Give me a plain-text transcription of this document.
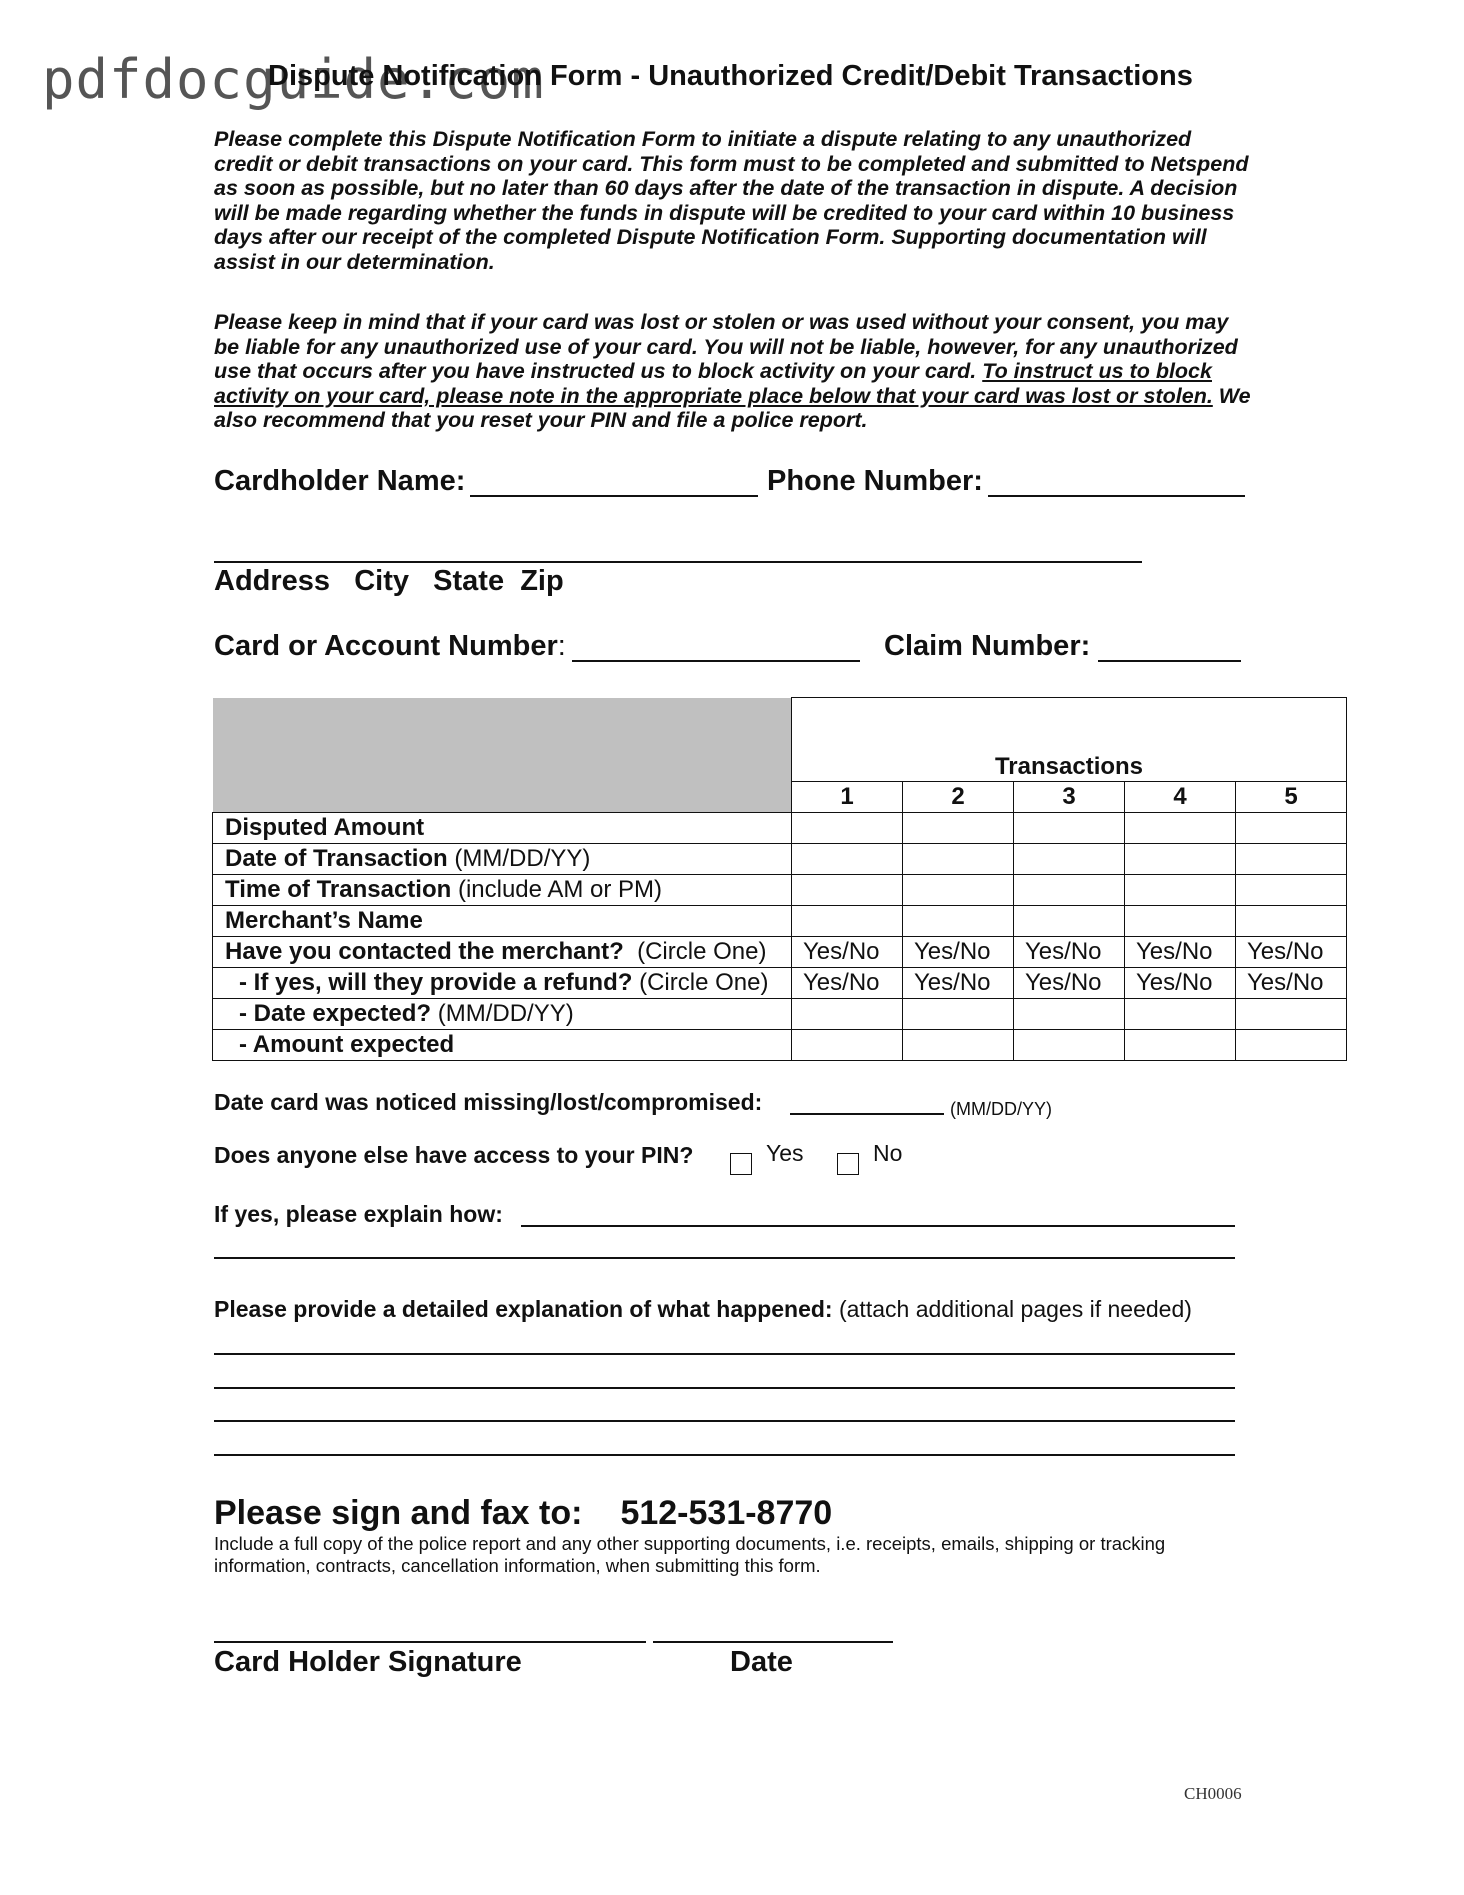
pdfdocguide.com
Dispute Notification Form - Unauthorized Credit/Debit Transactions
Please complete this Dispute Notification Form to initiate a dispute relating to any unauthorized credit or debit transactions on your card. This form must to be completed and submitted to Netspend as soon as possible, but no later than 60 days after the date of the transaction in dispute. A decision will be made regarding whether the funds in dispute will be credited to your card within 10 business days after our receipt of the completed Dispute Notification Form. Supporting documentation will assist in our determination.
Please keep in mind that if your card was lost or stolen or was used without your consent, you may be liable for any unauthorized use of your card. You will not be liable, however, for any unauthorized use that occurs after you have instructed us to block activity on your card. To instruct us to block activity on your card, please note in the appropriate place below that your card was lost or stolen. We also recommend that you reset your PIN and file a police report.
Cardholder Name:	Phone Number:
Address   City   State  Zip
Card or Account Number:	Claim Number:
	Transactions				
	1	2	3	4	5
Disputed Amount					
Date of Transaction (MM/DD/YY)					
Time of Transaction (include AM or PM)					
Merchant’s Name					
Have you contacted the merchant?  (Circle One)	Yes/No	Yes/No	Yes/No	Yes/No	Yes/No
- If yes, will they provide a refund? (Circle One)	Yes/No	Yes/No	Yes/No	Yes/No	Yes/No
- Date expected? (MM/DD/YY)					
- Amount expected					
Date card was noticed missing/lost/compromised:	(MM/DD/YY)
Does anyone else have access to your PIN?	Yes	No
If yes, please explain how:
Please provide a detailed explanation of what happened: (attach additional pages if needed)
Please sign and fax to: 512-531-8770
Include a full copy of the police report and any other supporting documents, i.e. receipts, emails, shipping or tracking information, contracts, cancellation information, when submitting this form.
Card Holder Signature	Date
CH0006
